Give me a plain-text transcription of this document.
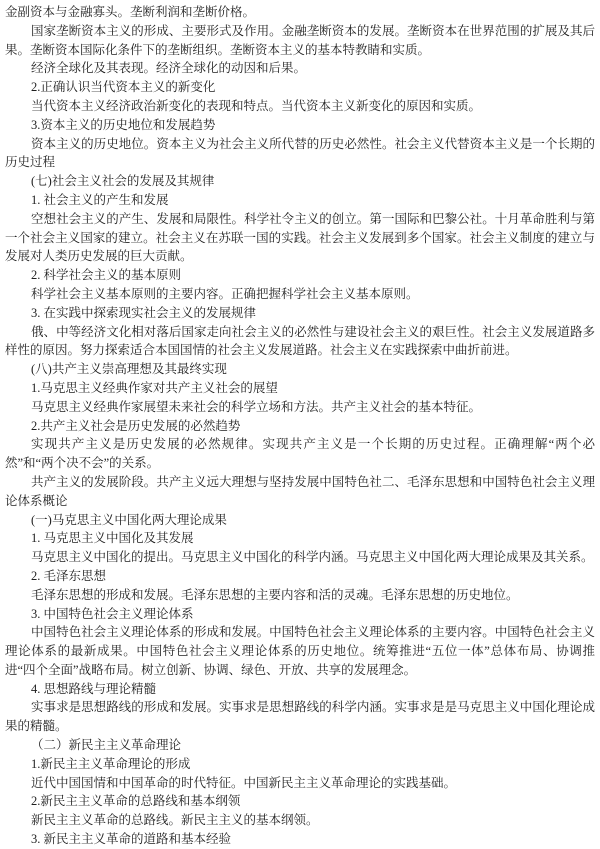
金副资本与金融寡头。垄断利润和垄断价格。

国家垄断资本主义的形成、主要形式及作用。金融垄断资本的发展。垄断资本在世界范围的扩展及其后果。垄断资本国际化条件下的垄断组织。垄断资本主义的基本特教睛和实质。

经济全球化及其表现。经济全球化的动因和后果。

2.正确认识当代资本主义的新变化

当代资本主义经济政治新变化的表现和特点。当代资本主义新变化的原因和实质。

3.资本主义的历史地位和发展趋势

资本主义的历史地位。资本主义为社会主义所代替的历史必然性。社会主义代替资本主义是一个长期的历史过程

(七)社会主义社会的发展及其规律

1. 社会主义的产生和发展

空想社会主义的产生、发展和局限性。科学社令主义的创立。第一国际和巴黎公社。十月革命胜利与第一个社会主义国家的建立。社会主义在苏联一国的实践。社会主义发展到多个国家。社会主义制度的建立与发展对人类历史发展的巨大贡献。

2. 科学社会主义的基本原则

科学社会主义基本原则的主要内容。正确把握科学社会主义基本原则。

3. 在实践中探索现实社会主义的发展规律

俄、中等经济文化相对落后国家走向社会主义的必然性与建设社会主义的艰巨性。社会主义发展道路多样性的原因。努力探索适合本国国情的社会主义发展道路。社会主义在实践探索中曲折前进。

(八)共产主义崇高理想及其最终实现

1.马克思主义经典作家对共产主义社会的展望

马克思主义经典作家展望未来社会的科学立场和方法。共产主义社会的基本特征。

2.共产主义社会是历史发展的必然趋势

实现共产主义是历史发展的必然规律。实现共产主义是一个长期的历史过程。正确理解“两个必然”和“两个决不会”的关系。

共产主义的发展阶段。共产主义远大理想与坚持发展中国特色社二、毛泽东思想和中国特色社会主义理论体系概论

(一)马克思主义中国化两大理论成果

1. 马克思主义中国化及其发展

马克思主义中国化的提出。马克思主义中国化的科学内涵。马克思主义中国化两大理论成果及其关系。

2. 毛泽东思想

毛泽东思想的形成和发展。毛泽东思想的主要内容和活的灵魂。毛泽东思想的历史地位。

3. 中国特色社会主义理论体系

中国特色社会主义理论体系的形成和发展。中国特色社会主义理论体系的主要内容。中国特色社会主义理论体系的最新成果。中国特色社会主义理论体系的历史地位。统筹推进“五位一体”总体布局、协调推进“四个全面”战略布局。树立创新、协调、绿色、开放、共享的发展理念。

4. 思想路线与理论精髓

实事求是思想路线的形成和发展。实事求是思想路线的科学内涵。实事求是是马克思主义中国化理论成果的精髓。

（二）新民主主义革命理论

1.新民主主义革命理论的形成

近代中国国情和中国革命的时代特征。中国新民主主义革命理论的实践基础。

2.新民主主义革命的总路线和基本纲领

新民主主义革命的总路线。新民主主义的基本纲领。

3. 新民主主义革命的道路和基本经验
